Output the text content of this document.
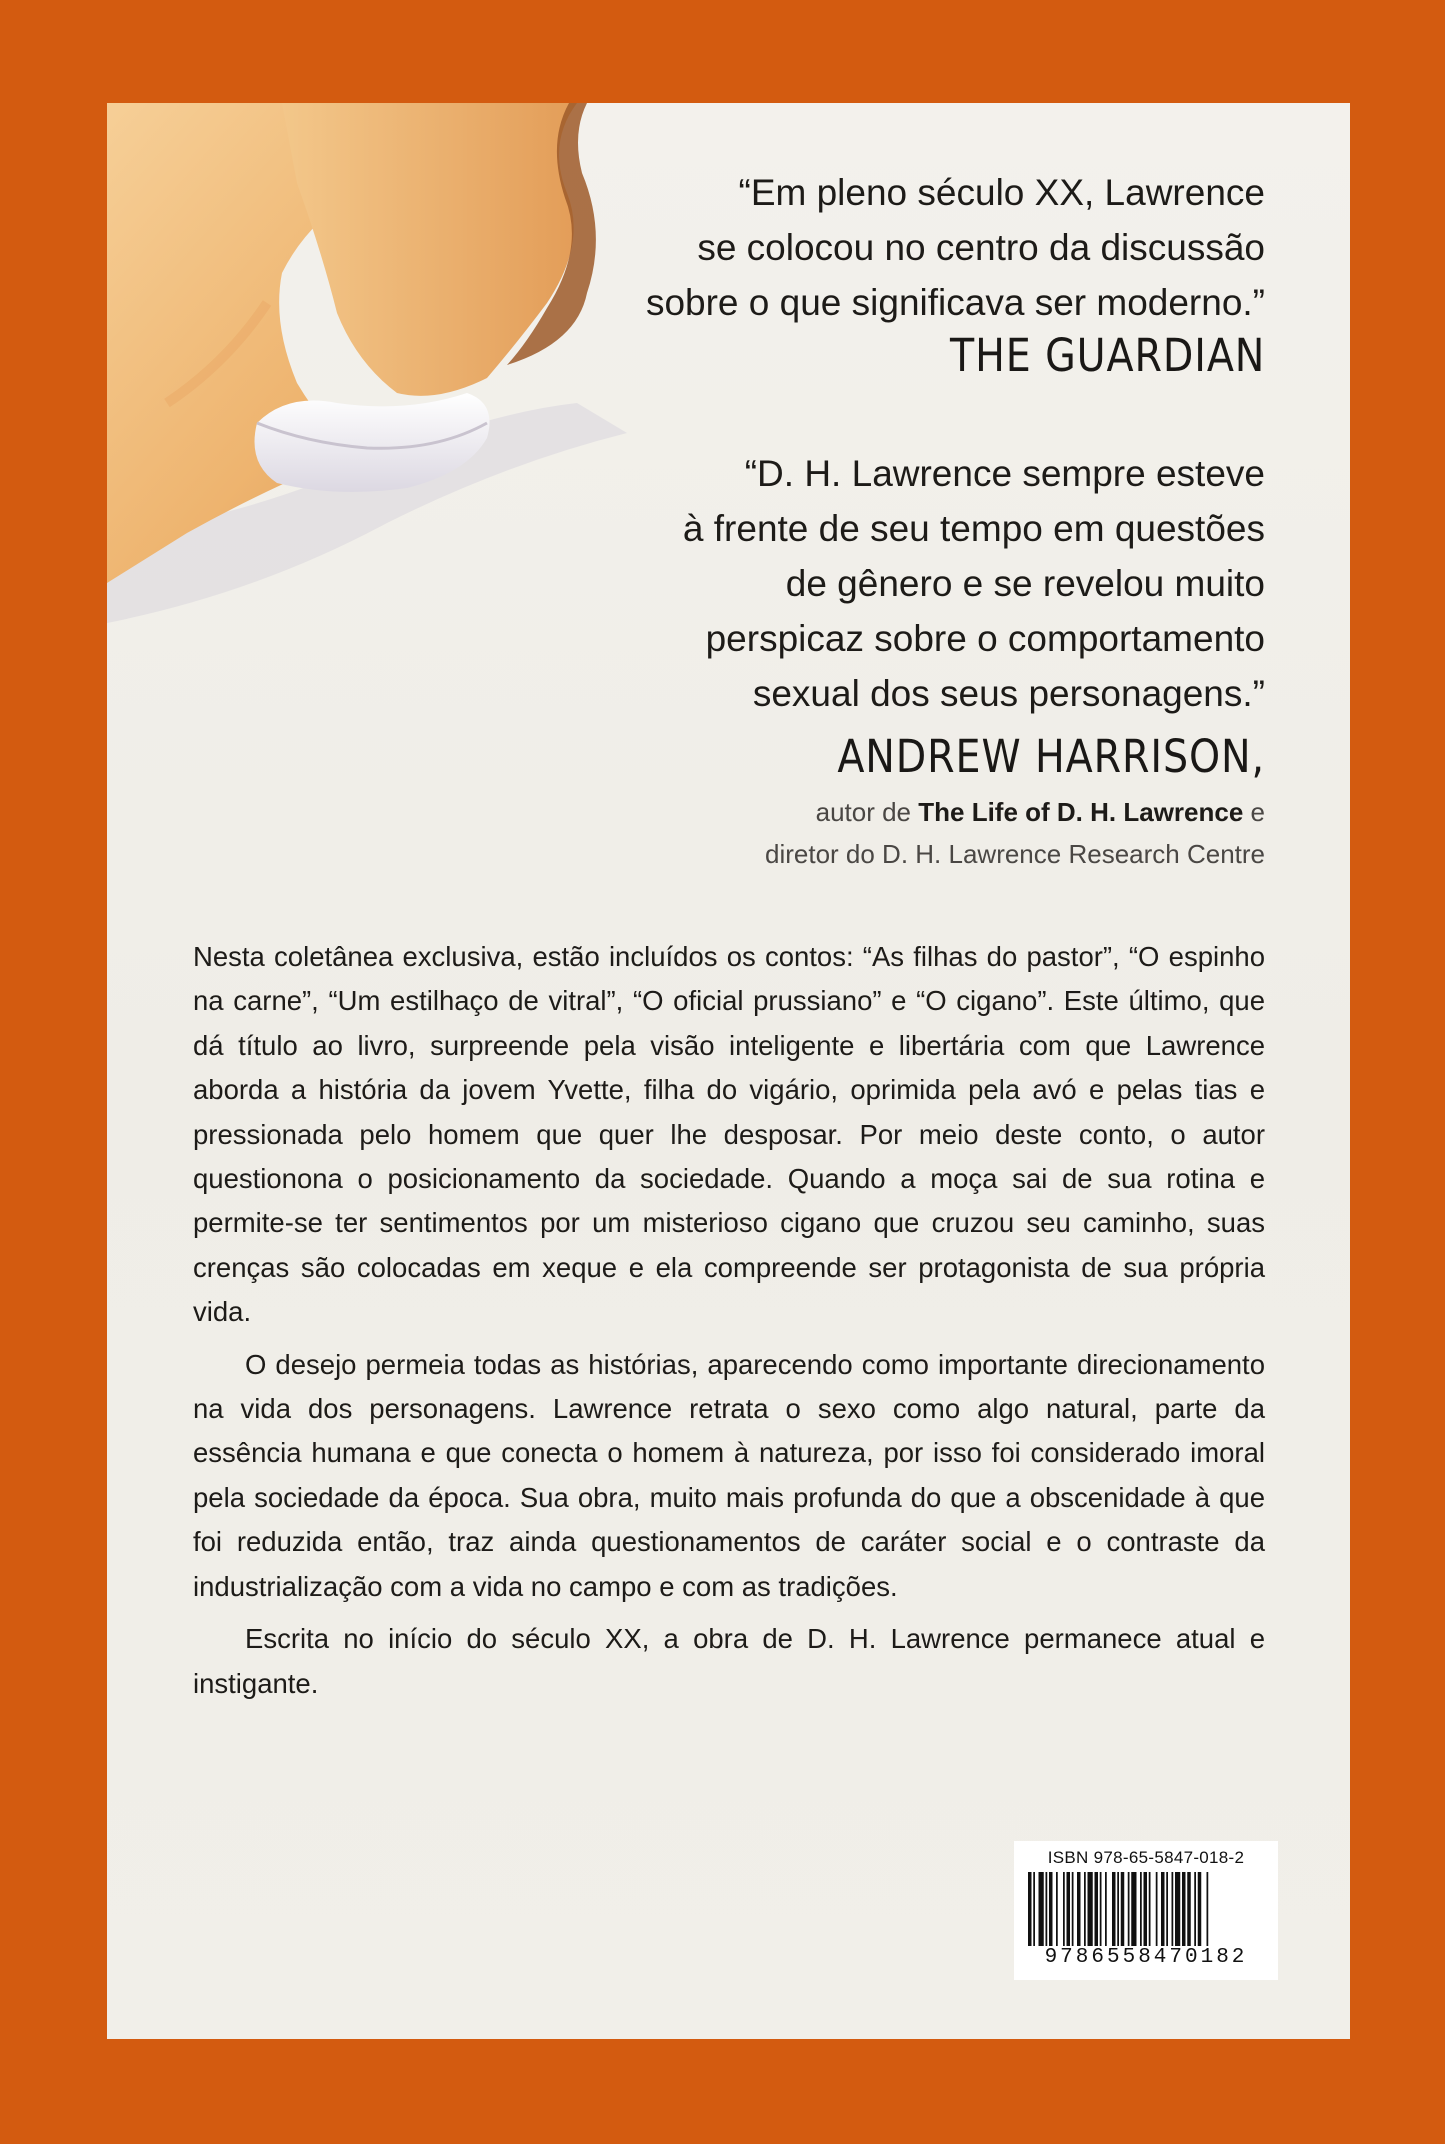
“Em pleno século XX, Lawrence
se colocou no centro da discussão
sobre o que significava ser moderno.”
THE GUARDIAN
“D. H. Lawrence sempre esteve
à frente de seu tempo em questões
de gênero e se revelou muito
perspicaz sobre o comportamento
sexual dos seus personagens.”
ANDREW HARRISON,
autor de The Life of D. H. Lawrence e
diretor do D. H. Lawrence Research Centre

Nesta coletânea exclusiva, estão incluídos os contos: “As filhas do pastor”, “O espinho na carne”, “Um estilhaço de vitral”, “O oficial prussiano” e “O cigano”. Este último, que dá título ao livro, surpreende pela visão inteligente e libertária com que Lawrence aborda a história da jovem Yvette, filha do vigário, oprimida pela avó e pelas tias e pressionada pelo homem que quer lhe desposar. Por meio deste conto, o autor questionona o posicionamento da sociedade. Quando a moça sai de sua rotina e permite-se ter sentimentos por um misterioso cigano que cruzou seu caminho, suas crenças são colocadas em xeque e ela compreende ser protagonista de sua própria vida.

O desejo permeia todas as histórias, aparecendo como importante direcionamento na vida dos personagens. Lawrence retrata o sexo como algo natural, parte da essência humana e que conecta o homem à natureza, por isso foi considerado imoral pela sociedade da época. Sua obra, muito mais profunda do que a obscenidade à que foi reduzida então, traz ainda questionamentos de caráter social e o contraste da industrialização com a vida no campo e com as tradições.

Escrita no início do século XX, a obra de D. H. Lawrence permanece atual e instigante.

ISBN 978-65-5847-018-2
9786558470182
